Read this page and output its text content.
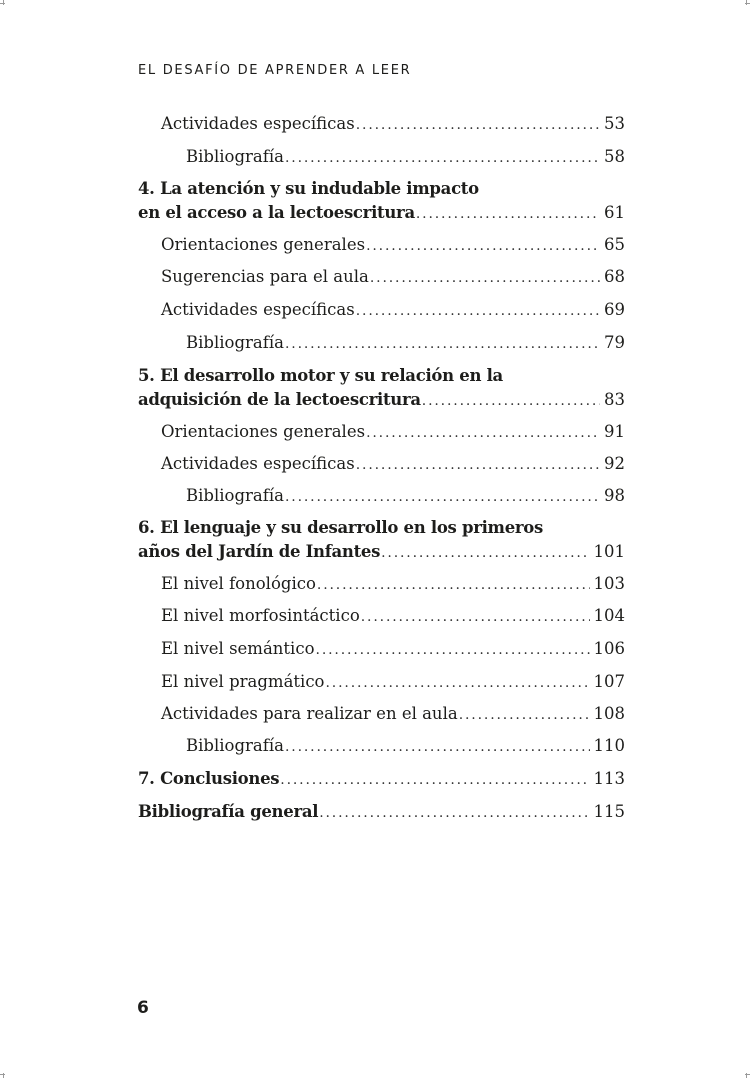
EL DESAFÍO DE APRENDER A LEER
Actividades específicas . . .	53
Bibliografía . . .	58
4. La atención y su indudable impacto
en el acceso a la lectoescritura . . .	61
Orientaciones generales . . .	65
Sugerencias para el aula . . .	68
Actividades específicas . . .	69
Bibliografía . . .	79
5. El desarrollo motor y su relación en la
adquisición de la lectoescritura . . .	83
Orientaciones generales . . .	91
Actividades específicas . . .	92
Bibliografía . . .	98
6. El lenguaje y su desarrollo en los primeros
años del Jardín de Infantes . . .	101
El nivel fonológico . . .	103
El nivel morfosintáctico . . .	104
El nivel semántico . . .	106
El nivel pragmático . . .	107
Actividades para realizar en el aula . . .	108
Bibliografía . . .	110
7. Conclusiones . . .	113
Bibliografía general . . .	115
6
